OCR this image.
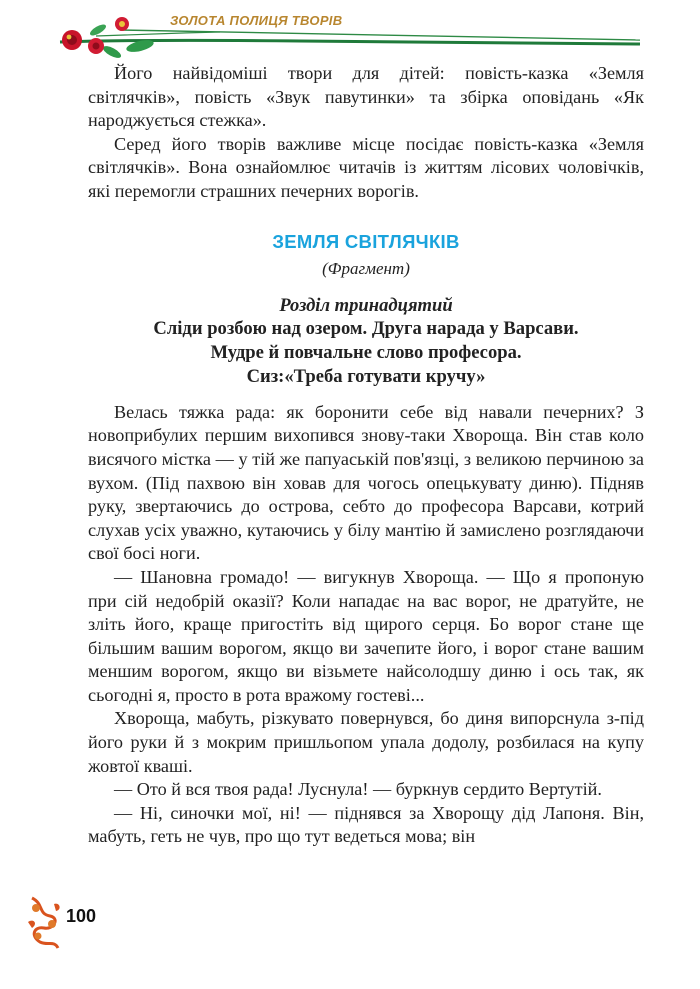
ЗОЛОТА ПОЛИЦЯ ТВОРІВ

Його найвідоміші твори для дітей: повість-казка «Земля світлячків», повість «Звук павутинки» та збірка оповідань «Як народжується стежка».

Серед його творів важливе місце посідає повість-казка «Земля світлячків». Вона ознайомлює читачів із життям лісових чоловічків, які перемогли страшних печерних ворогів.

ЗЕМЛЯ СВІТЛЯЧКІВ
(Фрагмент)
Розділ тринадцятий
Сліди розбою над озером. Друга нарада у Варсави.
Мудре й повчальне слово професора.
Сиз:«Треба готувати кручу»

Велась тяжка рада: як боронити себе від навали печерних? З новоприбулих першим вихопився знову-таки Хвороща. Він став коло висячого містка — у тій же папуаській пов'язці, з великою перчиною за вухом. (Під пахвою він ховав для чогось опецькувату диню). Підняв руку, звертаючись до острова, себто до професора Варсави, котрий слухав усіх уважно, кутаючись у білу мантію й замислено розглядаючи свої босі ноги.

— Шановна громадо! — вигукнув Хвороща. — Що я пропоную при сій недобрій оказії? Коли нападає на вас ворог, не дратуйте, не зліть його, краще пригостіть від щирого серця. Бо ворог стане ще більшим вашим ворогом, якщо ви зачепите його, і ворог стане вашим меншим ворогом, якщо ви візьмете найсолодшу диню і ось так, як сьогодні я, просто в рота вражому гостеві...

Хвороща, мабуть, різкувато повернувся, бо диня випорснула з-під його руки й з мокрим пришльопом упала додолу, розбилася на купу жовтої кваші.

— Ото й вся твоя рада! Луснула! — буркнув сердито Вертутій.

— Ні, синочки мої, ні! — піднявся за Хворощу дід Лапоня. Він, мабуть, геть не чув, про що тут ведеться мова; він

100
